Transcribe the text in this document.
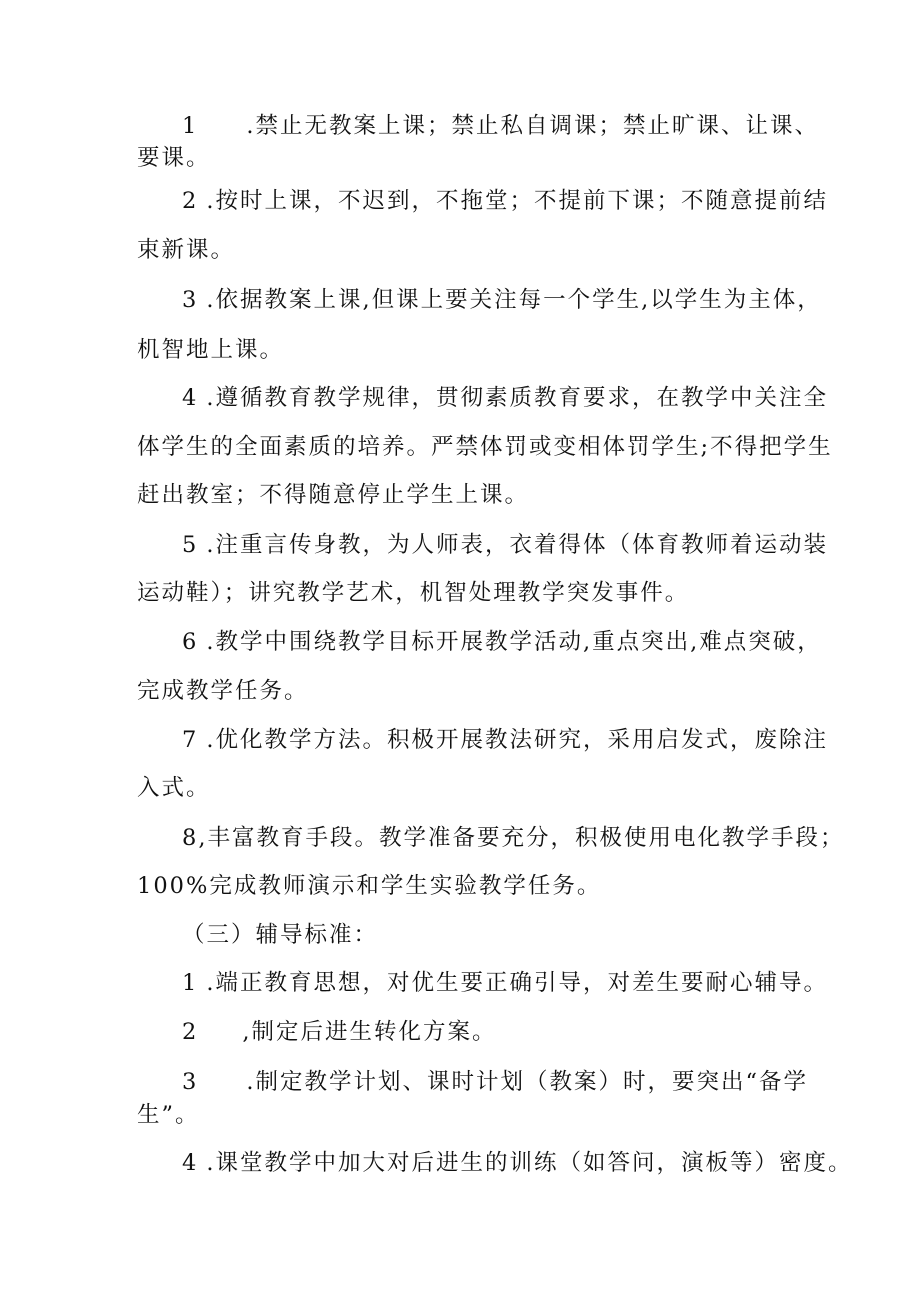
1 .禁止无教案上课；禁止私自调课；禁止旷课、让课、
要课。
2 .按时上课，不迟到，不拖堂；不提前下课；不随意提前结
束新课。
3 .依据教案上课,但课上要关注每一个学生,以学生为主体，
机智地上课。
4 .遵循教育教学规律，贯彻素质教育要求，在教学中关注全
体学生的全面素质的培养。严禁体罚或变相体罚学生;不得把学生
赶出教室；不得随意停止学生上课。
5 .注重言传身教，为人师表，衣着得体（体育教师着运动装
运动鞋）；讲究教学艺术，机智处理教学突发事件。
6 .教学中围绕教学目标开展教学活动,重点突出,难点突破，
完成教学任务。
7 .优化教学方法。积极开展教法研究，采用启发式，废除注
入式。
8,丰富教育手段。教学准备要充分，积极使用电化教学手段；
100%完成教师演示和学生实验教学任务。
（三）辅导标准：
1 .端正教育思想，对优生要正确引导，对差生要耐心辅导。
2 ,制定后进生转化方案。
3 .制定教学计划、课时计划（教案）时，要突出“备学
生”。
4 .课堂教学中加大对后进生的训练（如答问，演板等）密度。
